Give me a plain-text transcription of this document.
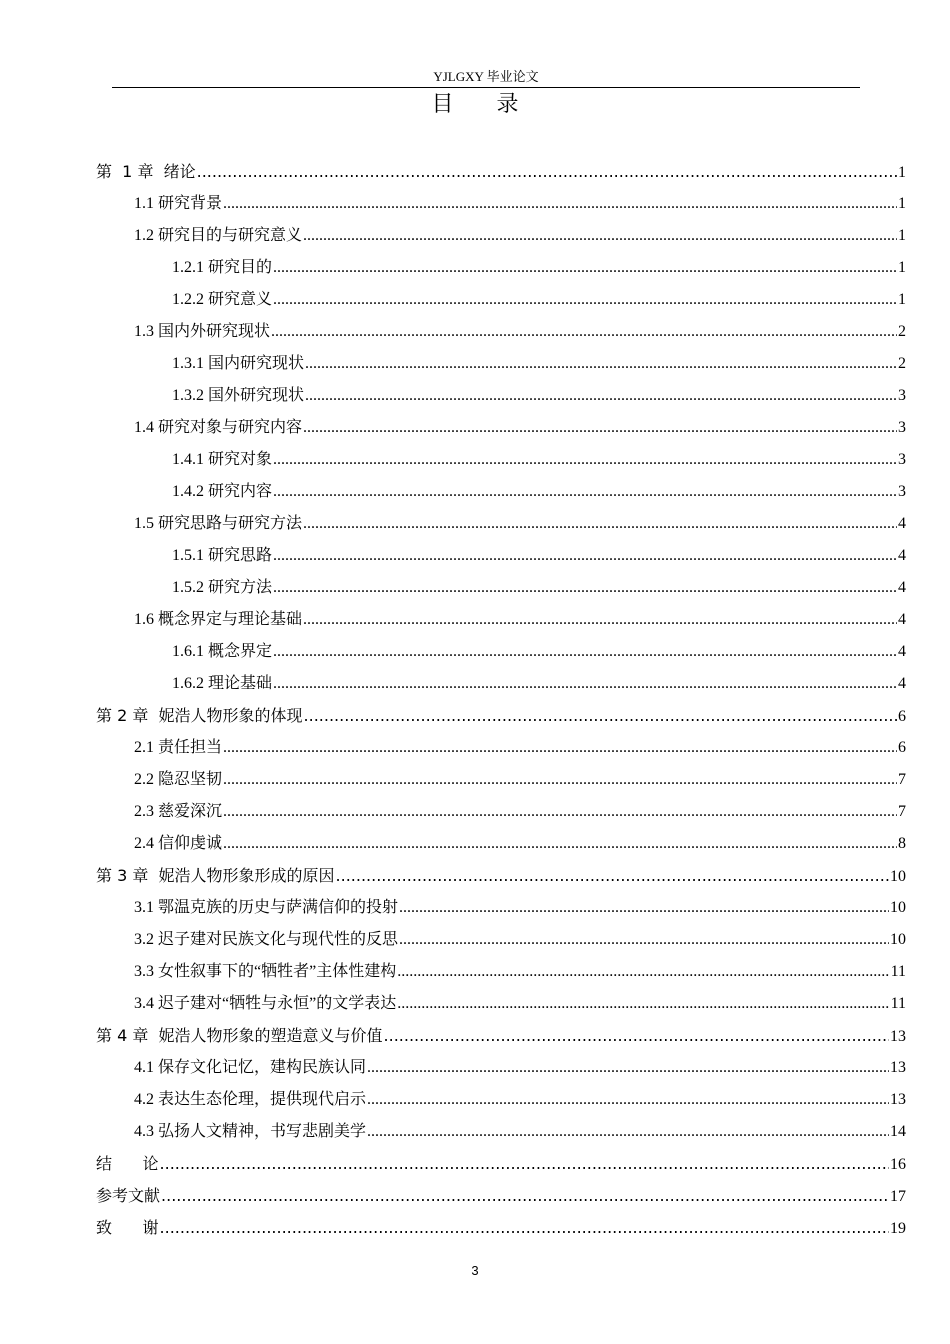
YJLGXY 毕业论文
目 录
第  1 章  绪论 .....	1
1.1 研究背景 .....	1
1.2 研究目的与研究意义 .....	1
1.2.1 研究目的 .....	1
1.2.2 研究意义 .....	1
1.3 国内外研究现状 .....	2
1.3.1 国内研究现状 .....	2
1.3.2 国外研究现状 .....	3
1.4 研究对象与研究内容 .....	3
1.4.1 研究对象 .....	3
1.4.2 研究内容 .....	3
1.5 研究思路与研究方法 .....	4
1.5.1 研究思路 .....	4
1.5.2 研究方法 .....	4
1.6 概念界定与理论基础 .....	4
1.6.1 概念界定 .....	4
1.6.2 理论基础 .....	4
第 2 章  妮浩人物形象的体现 .....	6
2.1 责任担当 .....	6
2.2 隐忍坚韧 .....	7
2.3 慈爱深沉 .....	7
2.4 信仰虔诚 .....	8
第 3 章  妮浩人物形象形成的原因 .....	10
3.1 鄂温克族的历史与萨满信仰的投射 .....	10
3.2 迟子建对民族文化与现代性的反思 .....	10
3.3 女性叙事下的“牺牲者”主体性建构 .....	11
3.4 迟子建对“牺牲与永恒”的文学表达 .....	11
第 4 章  妮浩人物形象的塑造意义与价值 .....	13
4.1 保存文化记忆，建构民族认同 .....	13
4.2 表达生态伦理，提供现代启示 .....	13
4.3 弘扬人文精神，书写悲剧美学 .....	14
结      论 .....	16
参考文献 .....	17
致      谢 .....	19
3
